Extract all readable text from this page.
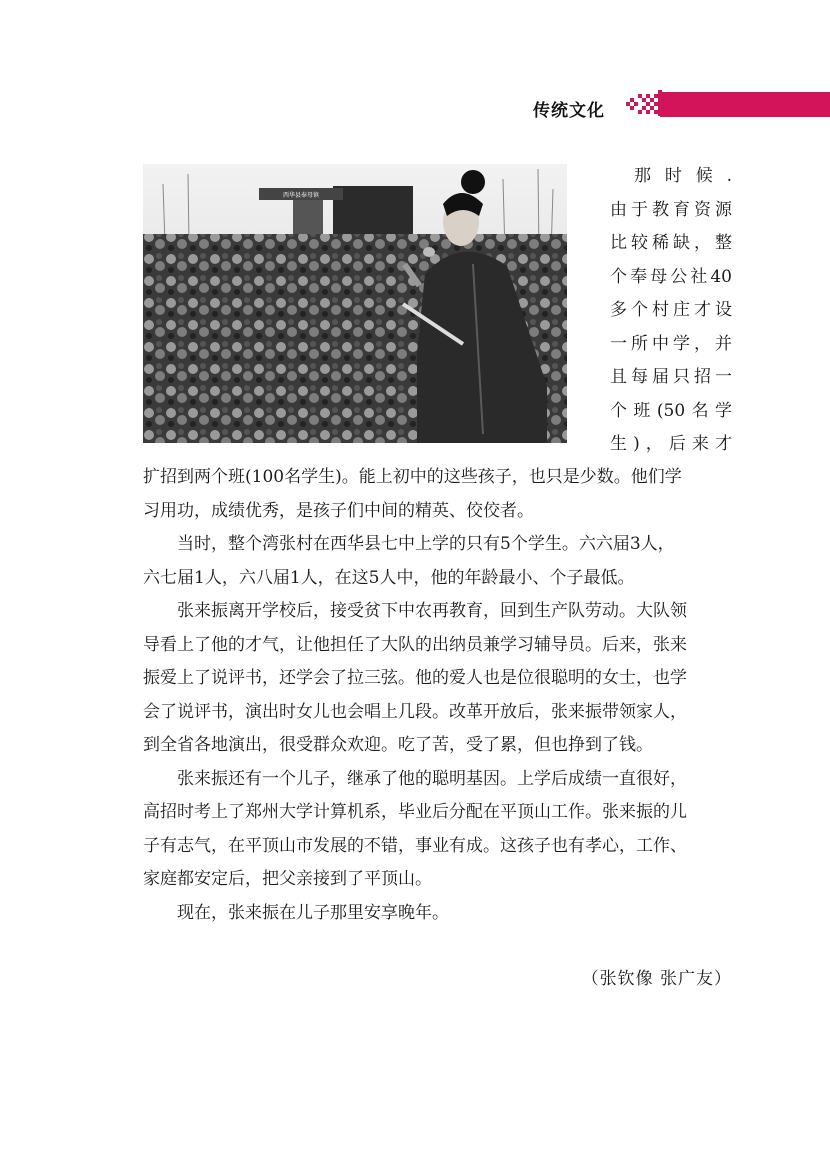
传统文化
西华县奉母镇
那 时 候 .
由于教育资源
比较稀缺，整
个奉母公社40
多个村庄才设
一所中学，并
且每届只招一
个班(50名学
生)，后来才
扩招到两个班(100名学生)。能上初中的这些孩子，也只是少数。他们学
习用功，成绩优秀，是孩子们中间的精英、佼佼者。
当时，整个湾张村在西华县七中上学的只有5个学生。六六届3人，
六七届1人，六八届1人，在这5人中，他的年龄最小、个子最低。
张来振离开学校后，接受贫下中农再教育，回到生产队劳动。大队领
导看上了他的才气，让他担任了大队的出纳员兼学习辅导员。后来，张来
振爱上了说评书，还学会了拉三弦。他的爱人也是位很聪明的女士，也学
会了说评书，演出时女儿也会唱上几段。改革开放后，张来振带领家人，
到全省各地演出，很受群众欢迎。吃了苦，受了累，但也挣到了钱。
张来振还有一个儿子，继承了他的聪明基因。上学后成绩一直很好，
高招时考上了郑州大学计算机系，毕业后分配在平顶山工作。张来振的儿
子有志气，在平顶山市发展的不错，事业有成。这孩子也有孝心，工作、
家庭都安定后，把父亲接到了平顶山。
现在，张来振在儿子那里安享晚年。
（张钦像 张广友）
